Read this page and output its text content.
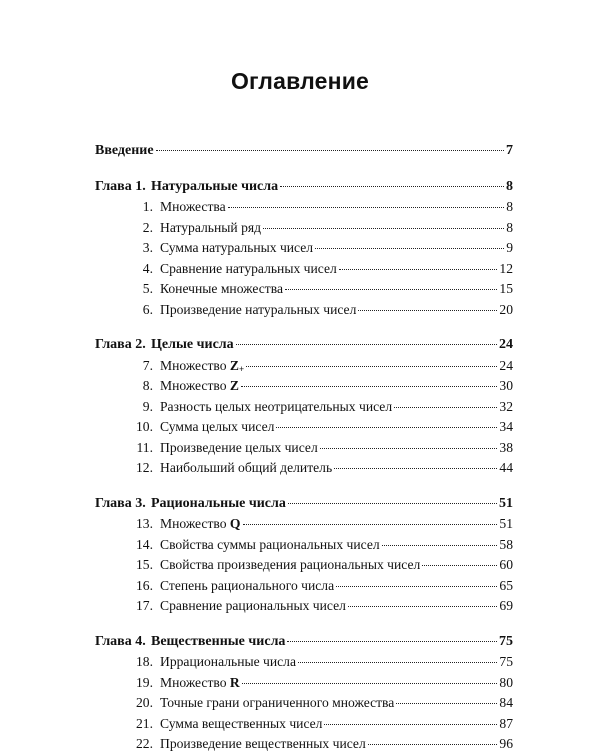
Оглавление
Введение	7
Глава 1. Натуральные числа	8
1. Множества	8
2. Натуральный ряд	8
3. Сумма натуральных чисел	9
4. Сравнение натуральных чисел	12
5. Конечные множества	15
6. Произведение натуральных чисел	20
Глава 2. Целые числа	24
7. Множество Z+	24
8. Множество Z	30
9. Разность целых неотрицательных чисел	32
10. Сумма целых чисел	34
11. Произведение целых чисел	38
12. Наибольший общий делитель	44
Глава 3. Рациональные числа	51
13. Множество Q	51
14. Свойства суммы рациональных чисел	58
15. Свойства произведения рациональных чисел	60
16. Степень рационального числа	65
17. Сравнение рациональных чисел	69
Глава 4. Вещественные числа	75
18. Иррациональные числа	75
19. Множество R	80
20. Точные грани ограниченного множества	84
21. Сумма вещественных чисел	87
22. Произведение вещественных чисел	96
